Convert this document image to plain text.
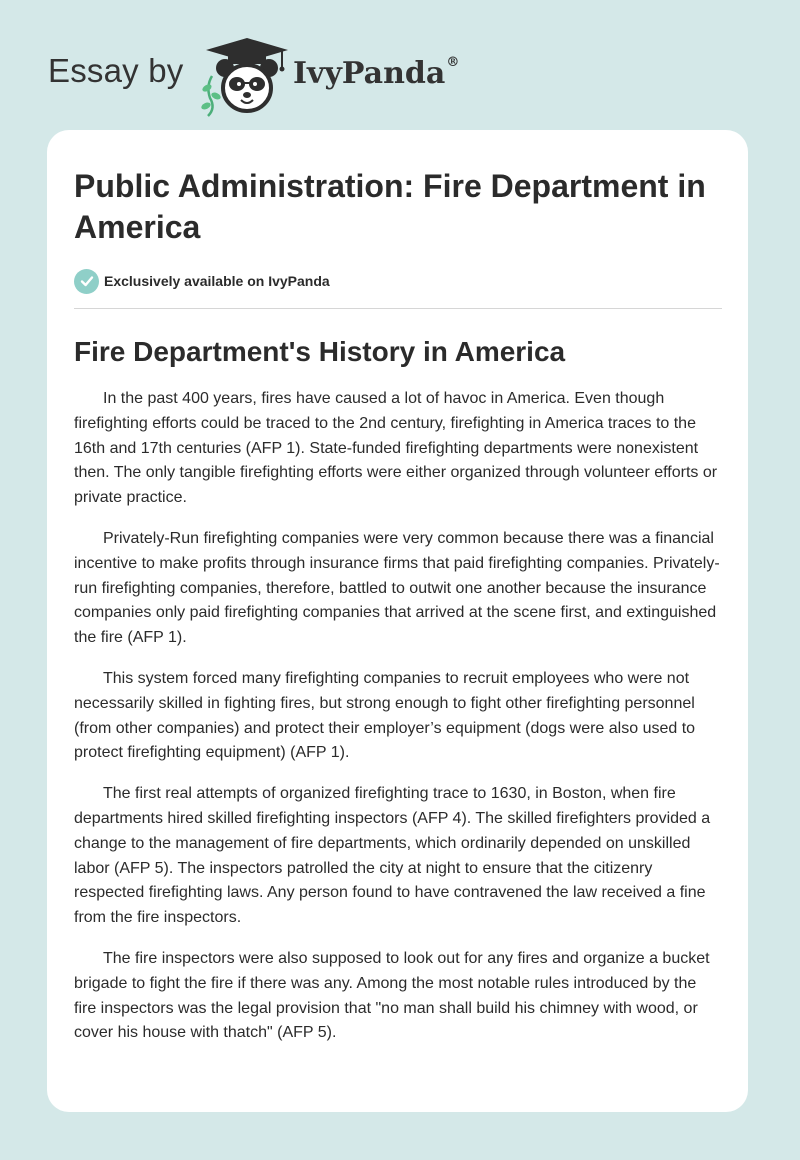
Essay by	IvyPanda®
Public Administration: Fire Department in America
Exclusively available on IvyPanda
Fire Department's History in America

In the past 400 years, fires have caused a lot of havoc in America. Even though firefighting efforts could be traced to the 2nd century, firefighting in America traces to the 16th and 17th centuries (AFP 1). State-funded firefighting departments were nonexistent then. The only tangible firefighting efforts were either organized through volunteer efforts or private practice.

Privately-Run firefighting companies were very common because there was a financial incentive to make profits through insurance firms that paid firefighting companies. Privately-run firefighting companies, therefore, battled to outwit one another because the insurance companies only paid firefighting companies that arrived at the scene first, and extinguished the fire (AFP 1).

This system forced many firefighting companies to recruit employees who were not necessarily skilled in fighting fires, but strong enough to fight other firefighting personnel (from other companies) and protect their employer’s equipment (dogs were also used to protect firefighting equipment) (AFP 1).

The first real attempts of organized firefighting trace to 1630, in Boston, when fire departments hired skilled firefighting inspectors (AFP 4). The skilled firefighters provided a change to the management of fire departments, which ordinarily depended on unskilled labor (AFP 5). The inspectors patrolled the city at night to ensure that the citizenry respected firefighting laws. Any person found to have contravened the law received a fine from the fire inspectors.

The fire inspectors were also supposed to look out for any fires and organize a bucket brigade to fight the fire if there was any. Among the most notable rules introduced by the fire inspectors was the legal provision that "no man shall build his chimney with wood, or cover his house with thatch" (AFP 5).
